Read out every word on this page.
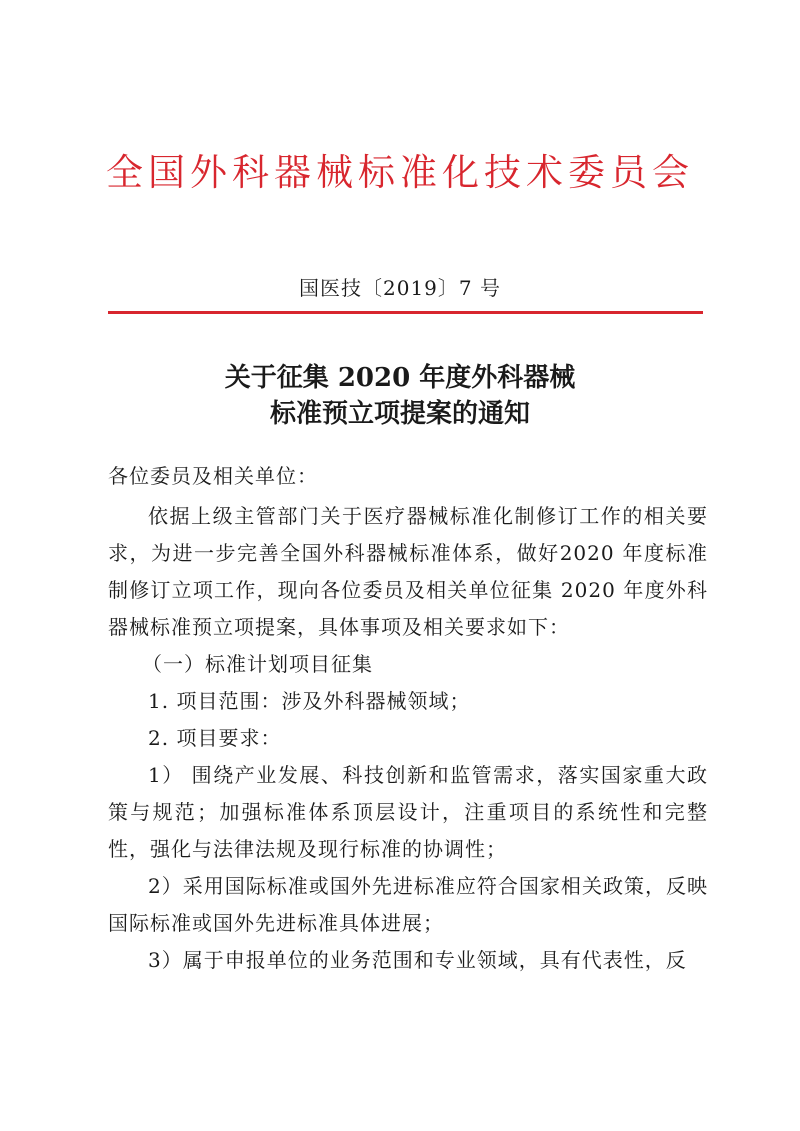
全国外科器械标准化技术委员会
国医技〔2019〕7 号
关于征集 2020 年度外科器械
标准预立项提案的通知

各位委员及相关单位：

依据上级主管部门关于医疗器械标准化制修订工作的相关要求，为进一步完善全国外科器械标准体系，做好2020 年度标准制修订立项工作，现向各位委员及相关单位征集 2020 年度外科器械标准预立项提案，具体事项及相关要求如下：

（一）标准计划项目征集

1. 项目范围：涉及外科器械领域；

2. 项目要求：

1） 围绕产业发展、科技创新和监管需求，落实国家重大政策与规范；加强标准体系顶层设计，注重项目的系统性和完整性，强化与法律法规及现行标准的协调性；

2）采用国际标准或国外先进标准应符合国家相关政策，反映国际标准或国外先进标准具体进展；

3）属于申报单位的业务范围和专业领域，具有代表性，反
